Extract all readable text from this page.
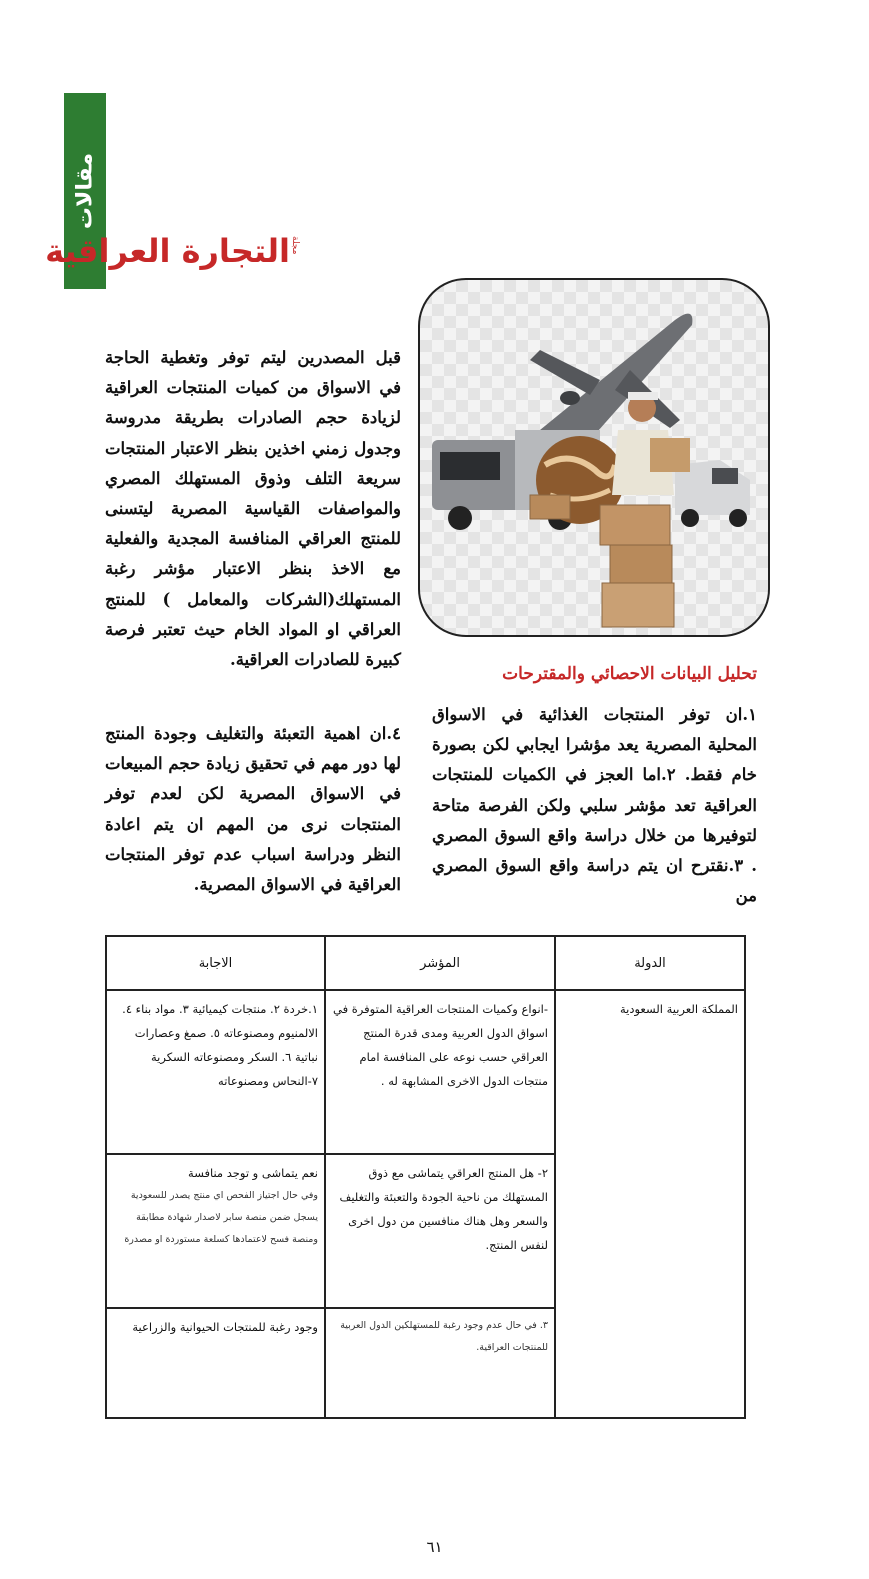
مقالات
التجارة العراقية مجلة

قبل المصدرين ليتم توفر وتغطية الحاجة في الاسواق من كميات المنتجات العراقية لزيادة حجم الصادرات بطريقة مدروسة وجدول زمني اخذين بنظر الاعتبار المنتجات سريعة التلف وذوق المستهلك المصري والمواصفات القياسية المصرية ليتسنى للمنتج العراقي المنافسة المجدية والفعلية مع الاخذ بنظر الاعتبار مؤشر رغبة المستهلك(الشركات والمعامل ) للمنتج العراقي او المواد الخام حيث تعتبر فرصة كبيرة للصادرات العراقية.

٤.ان اهمية التعبئة والتغليف وجودة المنتج لها دور مهم في تحقيق زيادة حجم المبيعات في الاسواق المصرية لكن لعدم توفر المنتجات نرى من المهم ان يتم اعادة النظر ودراسة اسباب عدم توفر المنتجات العراقية في الاسواق المصرية.

تحليل البيانات الاحصائي والمقترحات

١.ان توفر المنتجات الغذائية في الاسواق المحلية المصرية يعد مؤشرا ايجابي لكن بصورة خام فقط. ٢.اما العجز في الكميات للمنتجات العراقية تعد مؤشر سلبي ولكن الفرصة متاحة لتوفيرها من خلال دراسة واقع السوق المصري . ٣.نقترح ان يتم دراسة واقع السوق المصري من

الدولة	المؤشر	الاجابة
المملكة العربية السعودية	-انواع وكميات المنتجات العراقية المتوفرة في اسواق الدول العربية ومدى قدرة المنتج العراقي حسب نوعه على المنافسة امام منتجات الدول الاخرى المشابهة له .	١.خردة ٢. منتجات كيميائية ٣. مواد بناء ٤. الالمنيوم ومصنوعاته ٥. صمغ وعصارات نباتية ٦. السكر ومصنوعاته السكرية
٧-النحاس ومصنوعاته

	٢- هل المنتج العراقي يتماشى مع ذوق المستهلك من ناحية الجودة والتعبئة والتغليف والسعر وهل هناك منافسين من دول اخرى لنفس المنتج.	نعم يتماشى و توجد منافسة
وفي حال اجتياز الفحص اي منتج يصدر للسعودية يسجل ضمن منصة سابر لاصدار شهادة مطابقة ومنصة فسح لاعتمادها كسلعة مستوردة او مصدرة

	٣. في حال عدم وجود رغبة للمستهلكين الدول العربية للمنتجات العراقية.	وجود رغبة للمنتجات الحيوانية والزراعية
٦١
